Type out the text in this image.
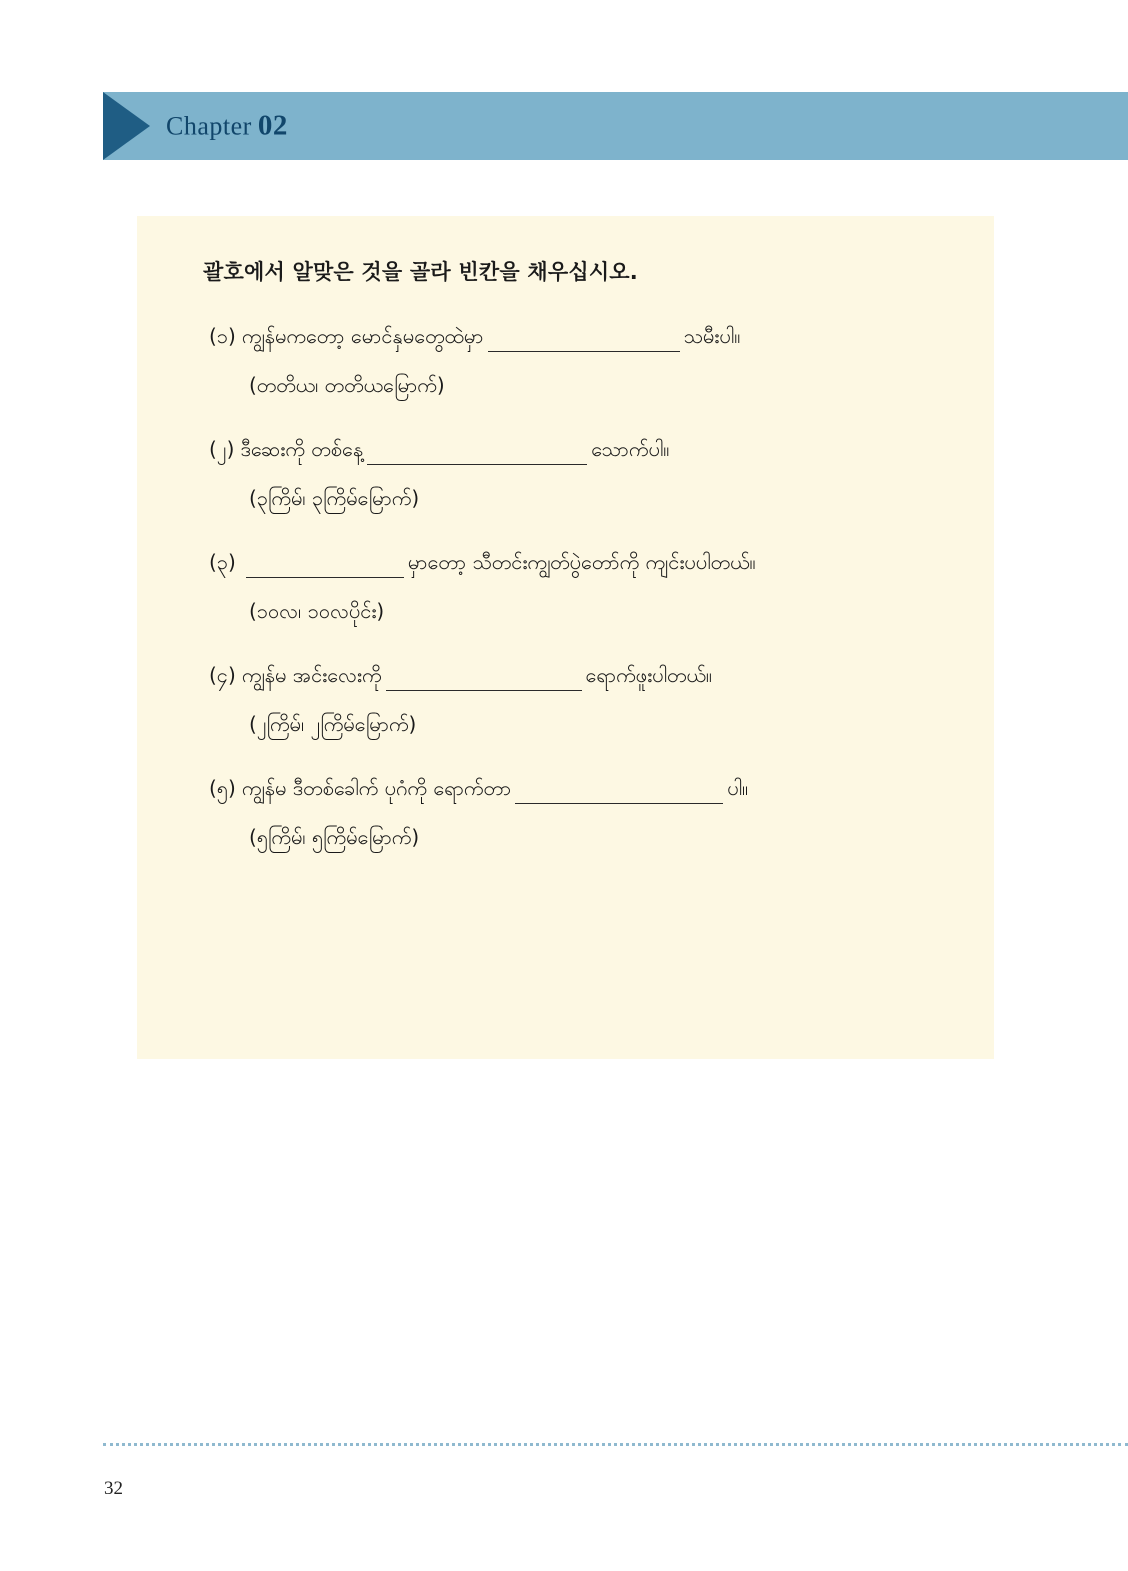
Chapter 02
괄호에서 알맞은 것을 골라 빈칸을 채우십시오.
(၁) ကျွန်မကတော့ မောင်နှမတွေထဲမှာ	သမီးပါ။
(တတိယ၊ တတိယမြောက်)
(၂) ဒီဆေးကို တစ်နေ့	သောက်ပါ။
(၃ကြိမ်၊ ၃ကြိမ်မြောက်)
(၃)	မှာတော့ သီတင်းကျွတ်ပွဲတော်ကို ကျင်းပပါတယ်။
(၁၀လ၊ ၁၀လပိုင်း)
(၄) ကျွန်မ အင်းလေးကို	ရောက်ဖူးပါတယ်။
(၂ကြိမ်၊ ၂ကြိမ်မြောက်)
(၅) ကျွန်မ ဒီတစ်ခေါက် ပုဂံကို ရောက်တာ	ပါ။
(၅ကြိမ်၊ ၅ကြိမ်မြောက်)
32
